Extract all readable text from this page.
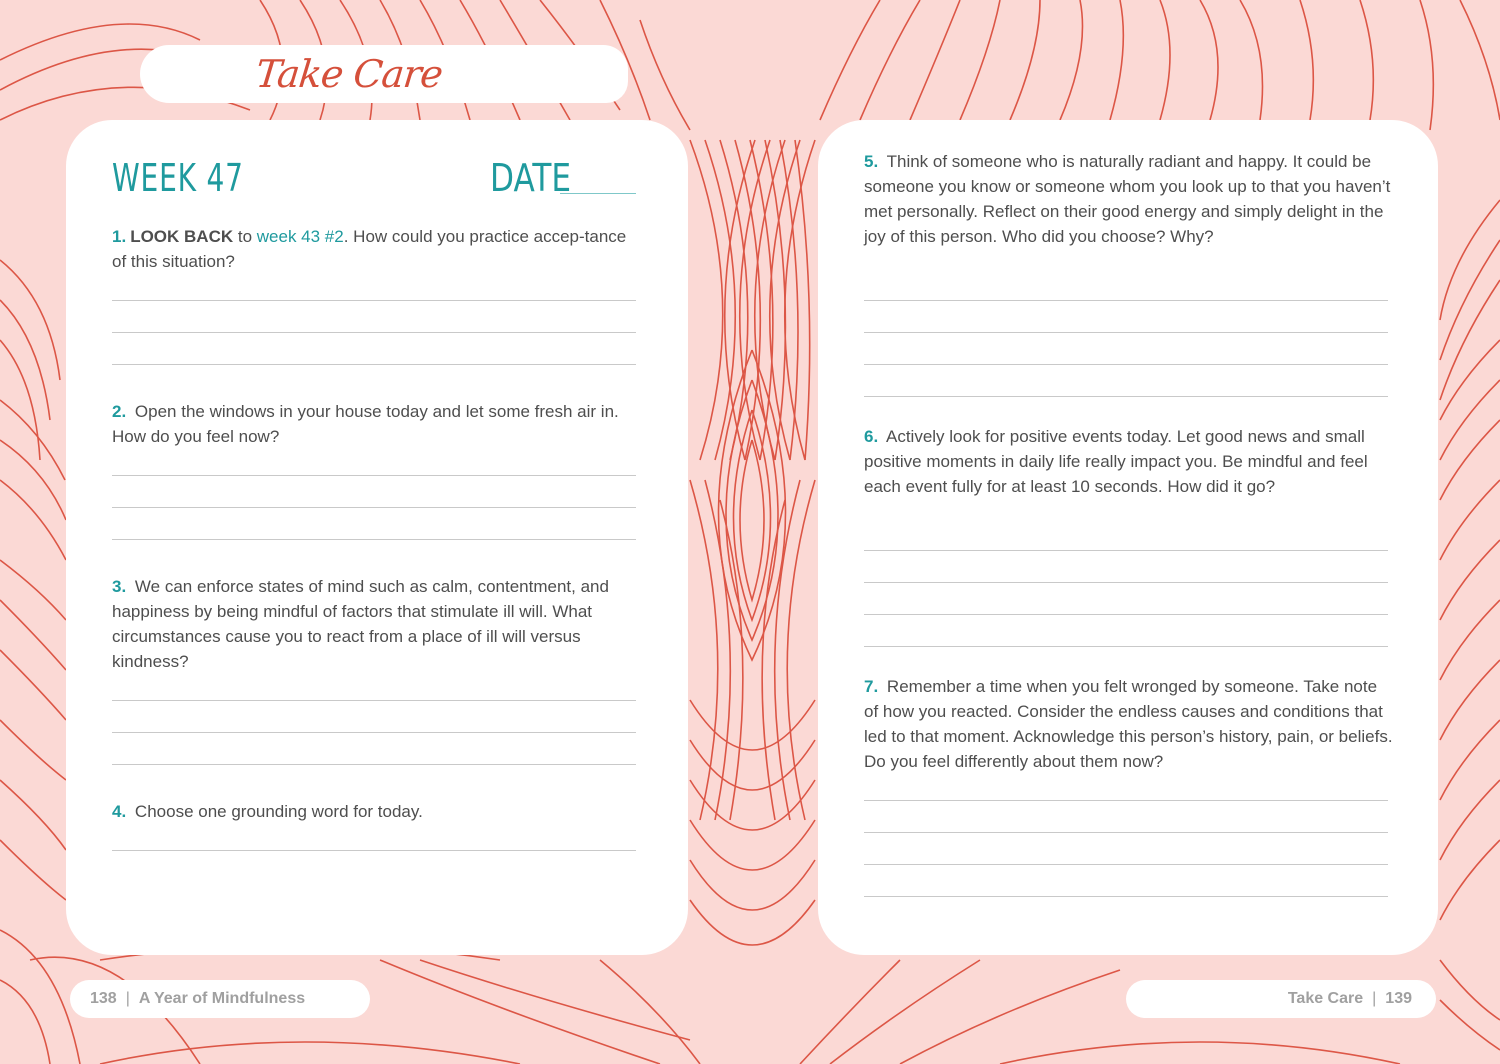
Take Care
WEEK 47	DATE
1. LOOK BACK to week 43 #2. How could you practice accep-tance of this situation?
2. Open the windows in your house today and let some fresh air in. How do you feel now?
3. We can enforce states of mind such as calm, contentment, and happiness by being mindful of factors that stimulate ill will. What circumstances cause you to react from a place of ill will versus kindness?
4. Choose one grounding word for today.
5. Think of someone who is naturally radiant and happy. It could be someone you know or someone whom you look up to that you haven’t met personally. Reflect on their good energy and simply delight in the joy of this person. Who did you choose? Why?
6. Actively look for positive events today. Let good news and small positive moments in daily life really impact you. Be mindful and feel each event fully for at least 10 seconds. How did it go?
7. Remember a time when you felt wronged by someone. Take note of how you reacted. Consider the endless causes and conditions that led to that moment. Acknowledge this person’s history, pain, or beliefs. Do you feel differently about them now?
138 | A Year of Mindfulness	Take Care | 139
